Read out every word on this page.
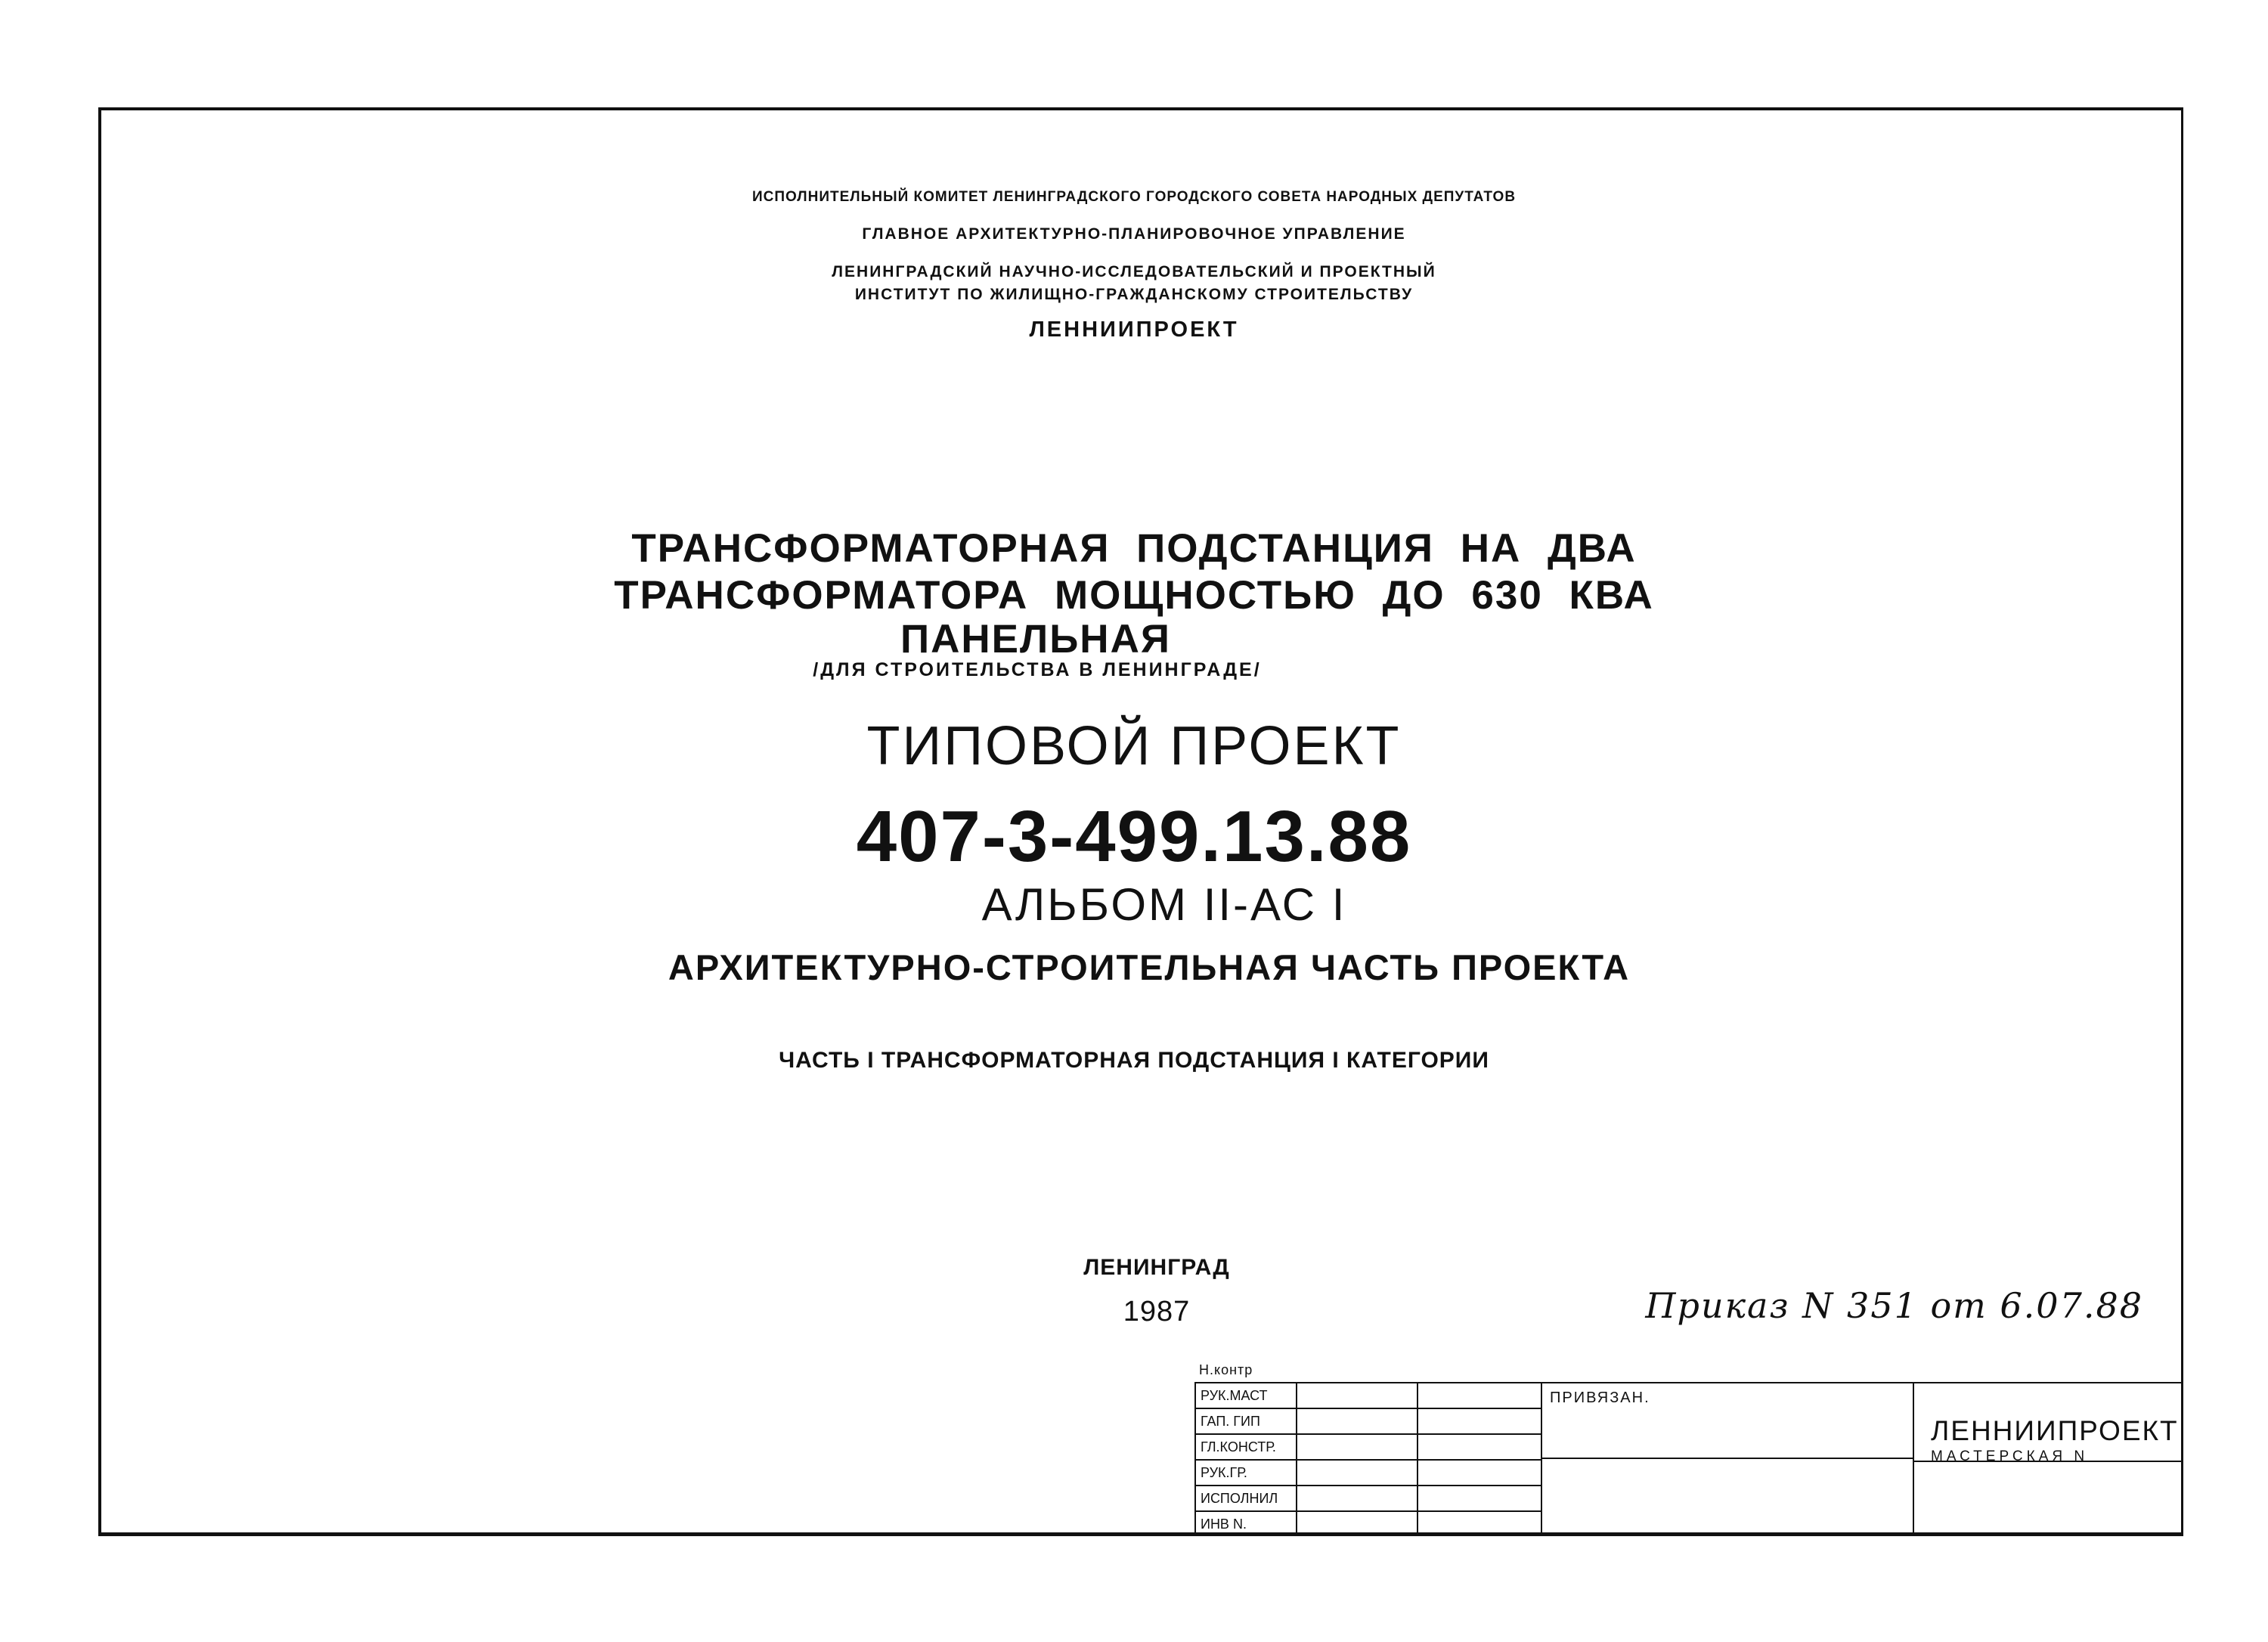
ИСПОЛНИТЕЛЬНЫЙ КОМИТЕТ ЛЕНИНГРАДСКОГО ГОРОДСКОГО СОВЕТА НАРОДНЫХ ДЕПУТАТОВ
ГЛАВНОЕ АРХИТЕКТУРНО-ПЛАНИРОВОЧНОЕ УПРАВЛЕНИЕ
ЛЕНИНГРАДСКИЙ НАУЧНО-ИССЛЕДОВАТЕЛЬСКИЙ И ПРОЕКТНЫЙ
ИНСТИТУТ ПО ЖИЛИЩНО-ГРАЖДАНСКОМУ СТРОИТЕЛЬСТВУ
ЛЕННИИПРОЕКТ
ТРАНСФОРМАТОРНАЯ ПОДСТАНЦИЯ НА ДВА
ТРАНСФОРМАТОРА МОЩНОСТЬЮ ДО 630 КВА
ПАНЕЛЬНАЯ
/ДЛЯ СТРОИТЕЛЬСТВА В ЛЕНИНГРАДЕ/
ТИПОВОЙ ПРОЕКТ
407-3-499.13.88
АЛЬБОМ II-АС I
АРХИТЕКТУРНО-СТРОИТЕЛЬНАЯ ЧАСТЬ ПРОЕКТА
ЧАСТЬ I ТРАНСФОРМАТОРНАЯ ПОДСТАНЦИЯ I КАТЕГОРИИ
ЛЕНИНГРАД
1987	Приказ N 351 от 6.07.88
Н.контр
РУК.МАСТ
ГАП. ГИП
ГЛ.КОНСТР.
РУК.ГР.
ИСПОЛНИЛ
ИНВ N.
ПРИВЯЗАН.
ЛЕННИИПРОЕКТ
МАСТЕРСКАЯ N
